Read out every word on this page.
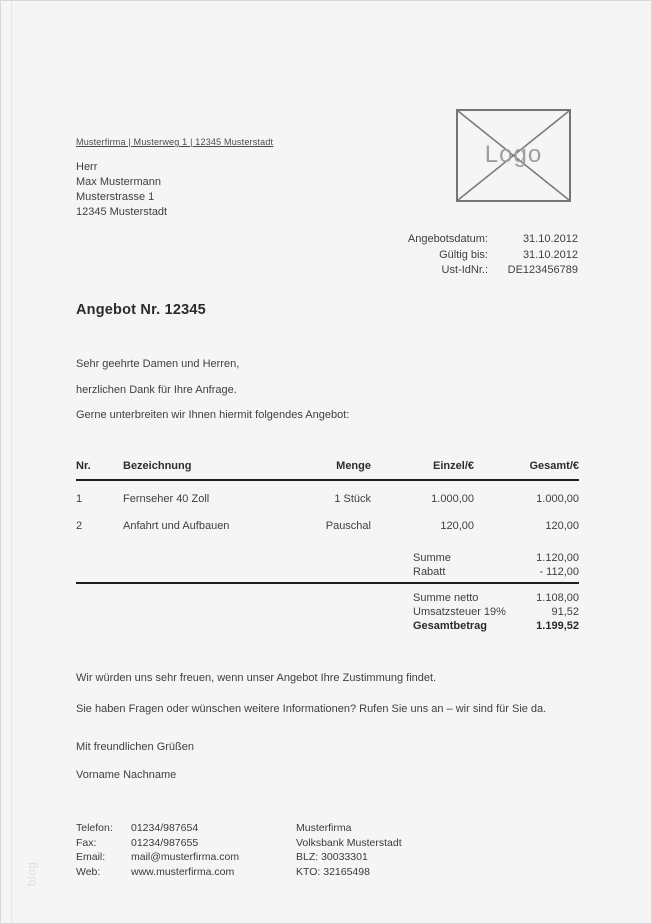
Musterfirma | Musterweg 1 | 12345 Musterstadt
Herr
Max Mustermann
Musterstrasse 1
12345 Musterstadt
Logo
Angebotsdatum:	31.10.2012
Gültig bis:	31.10.2012
Ust-IdNr.:	DE123456789
Angebot Nr. 12345
Sehr geehrte Damen und Herren,
herzlichen Dank für Ihre Anfrage.
Gerne unterbreiten wir Ihnen hiermit folgendes Angebot:
Nr.	Bezeichnung	Menge	Einzel/€	Gesamt/€
1	Fernseher 40 Zoll	1 Stück	1.000,00	1.000,00
2	Anfahrt und Aufbauen	Pauschal	120,00	120,00
Summe	1.120,00
Rabatt	- 112,00
Summe netto	1.108,00
Umsatzsteuer 19%	91,52
Gesamtbetrag	1.199,52
Wir würden uns sehr freuen, wenn unser Angebot Ihre Zustimmung findet.
Sie haben Fragen oder wünschen weitere Informationen? Rufen Sie uns an – wir sind für Sie da.
Mit freundlichen Grüßen
Vorname Nachname
Telefon:	01234/987654
Fax:	01234/987655
Email:	mail@musterfirma.com
Web:	www.musterfirma.com
Musterfirma
Volksbank Musterstadt
BLZ: 30033301
KTO: 32165498
blog
